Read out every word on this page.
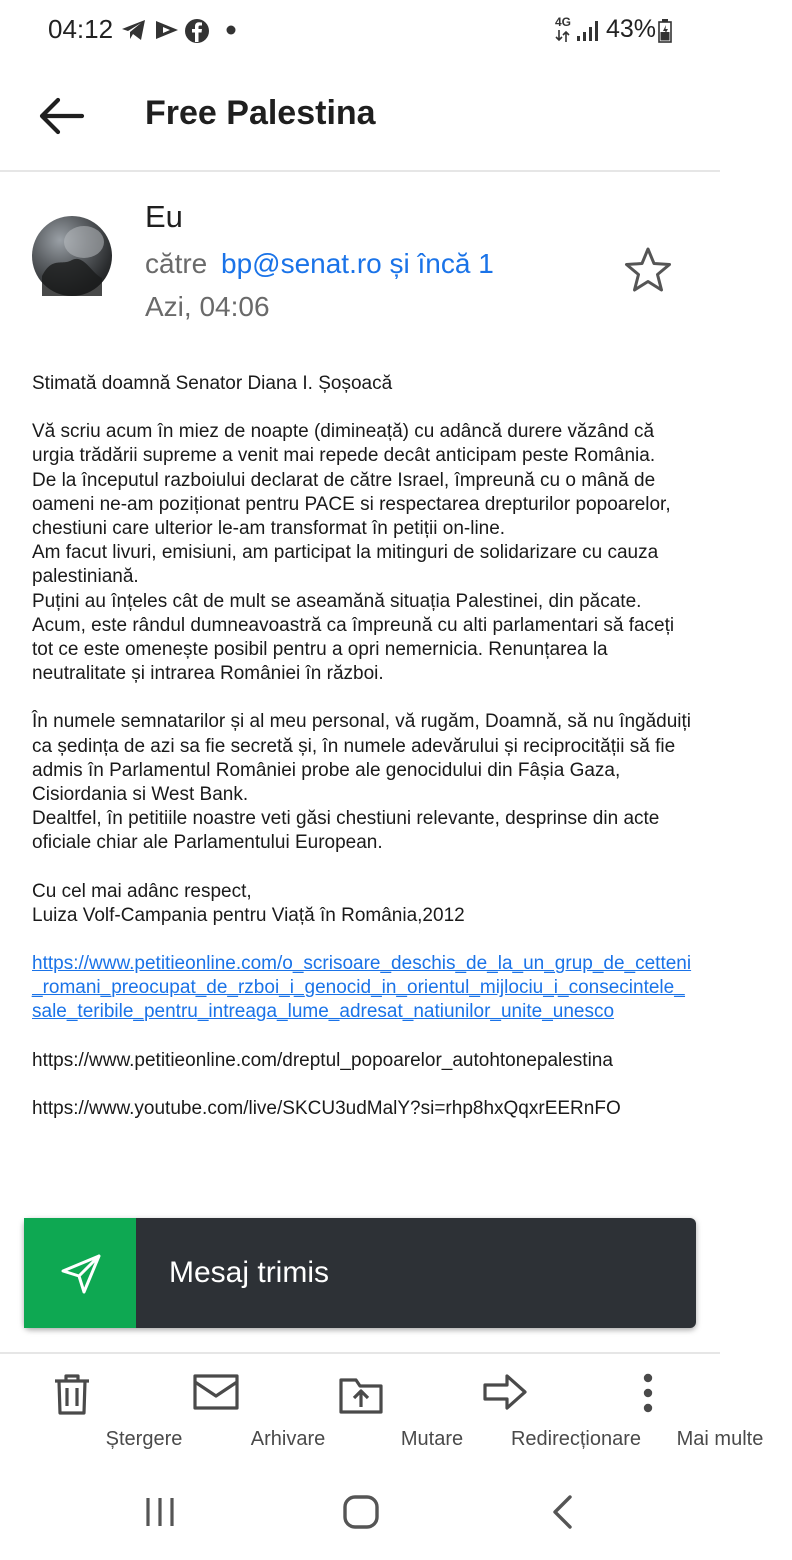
04:12	4G 43%
Free Palestina
Eu
către bp@senat.ro și încă 1
Azi, 04:06

Stimată doamnă Senator Diana I. Șoșoacă

Vă scriu acum în miez de noapte (dimineață) cu adâncă durere văzând că urgia trădării supreme a venit mai repede decât anticipam peste România.

De la începutul razboiului declarat de către Israel, împreună cu o mână de oameni ne-am poziționat pentru PACE si respectarea drepturilor popoarelor, chestiuni care ulterior le-am transformat în petiții on-line.

Am facut livuri, emisiuni, am participat la mitinguri de solidarizare cu cauza palestiniană.

Puțini au înțeles cât de mult se aseamănă situația Palestinei, din păcate.

Acum, este rândul dumneavoastră ca împreună cu alti parlamentari să faceți tot ce este omenește posibil pentru a opri nemernicia. Renunțarea la neutralitate și intrarea României în război.

În numele semnatarilor și al meu personal, vă rugăm, Doamnă, să nu îngăduiți ca ședința de azi sa fie secretă și, în numele adevărului și reciprocității să fie admis în Parlamentul României probe ale genocidului din Fâșia Gaza, Cisiordania si West Bank.

Dealtfel, în petitiile noastre veti găsi chestiuni relevante, desprinse din acte oficiale chiar ale Parlamentului European.

Cu cel mai adânc respect,

Luiza Volf-Campania pentru Viață în România,2012

https://www.petitieonline.com/o_scrisoare_deschis_de_la_un_grup_de_cetteni_romani_preocupat_de_rzboi_i_genocid_in_orientul_mijlociu_i_consecintele_sale_teribile_pentru_intreaga_lume_adresat_natiunilor_unite_unesco

https://www.petitieonline.com/dreptul_popoarelor_autohtonepalestina

https://www.youtube.com/live/SKCU3udMalY?si=rhp8hxQqxrEERnFO

Mesaj trimis
Ștergere	Arhivare	Mutare	Redirecționare	Mai multe
